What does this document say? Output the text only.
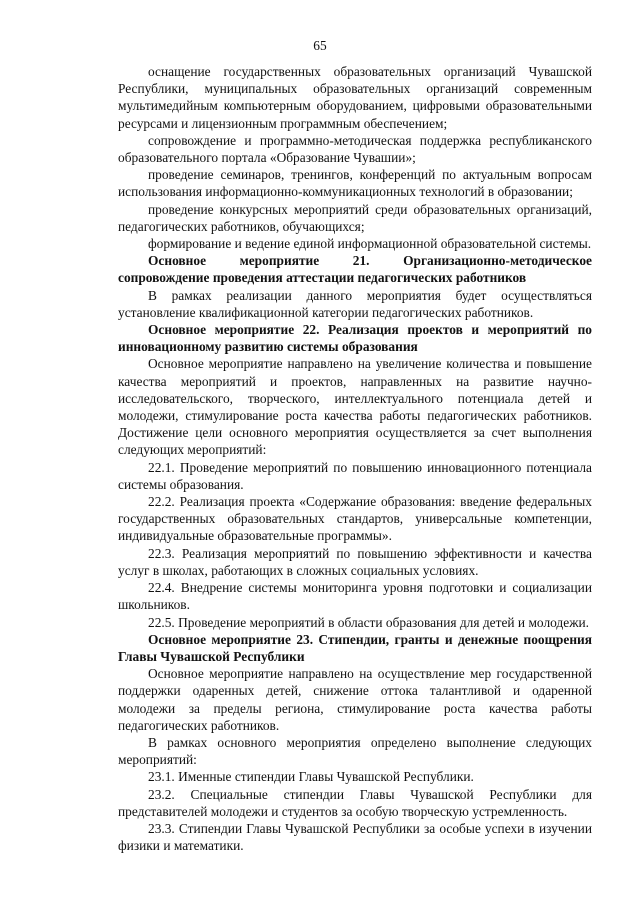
65

оснащение государственных образовательных организаций Чувашской Республики, муниципальных образовательных организаций современным мультимедийным компьютерным оборудованием, цифровыми образовательными ресурсами и лицензионным программным обеспечением;

сопровождение и программно-методическая поддержка республиканского образовательного портала «Образование Чувашии»;

проведение семинаров, тренингов, конференций по актуальным вопросам использования информационно-коммуникационных технологий в образовании;

проведение конкурсных мероприятий среди образовательных организаций, педагогических работников, обучающихся;

формирование и ведение единой информационной образовательной системы.

Основное мероприятие 21. Организационно-методическое сопровождение проведения аттестации педагогических работников

В рамках реализации данного мероприятия будет осуществляться установление квалификационной категории педагогических работников.

Основное мероприятие 22. Реализация проектов и мероприятий по инновационному развитию системы образования

Основное мероприятие направлено на увеличение количества и повышение качества мероприятий и проектов, направленных на развитие научно-исследовательского, творческого, интеллектуального потенциала детей и молодежи, стимулирование роста качества работы педагогических работников. Достижение цели основного мероприятия осуществляется за счет выполнения следующих мероприятий:

22.1. Проведение мероприятий по повышению инновационного потенциала системы образования.

22.2. Реализация проекта «Содержание образования: введение федеральных государственных образовательных стандартов, универсальные компетенции, индивидуальные образовательные программы».

22.3. Реализация мероприятий по повышению эффективности и качества услуг в школах, работающих в сложных социальных условиях.

22.4. Внедрение системы мониторинга уровня подготовки и социализации школьников.

22.5. Проведение мероприятий в области образования для детей и молодежи.

Основное мероприятие 23. Стипендии, гранты и денежные поощрения Главы Чувашской Республики

Основное мероприятие направлено на осуществление мер государственной поддержки одаренных детей, снижение оттока талантливой и одаренной молодежи за пределы региона, стимулирование роста качества работы педагогических работников.

В рамках основного мероприятия определено выполнение следующих мероприятий:

23.1. Именные стипендии Главы Чувашской Республики.

23.2. Специальные стипендии Главы Чувашской Республики для представителей молодежи и студентов за особую творческую устремленность.

23.3. Стипендии Главы Чувашской Республики за особые успехи в изучении физики и математики.
